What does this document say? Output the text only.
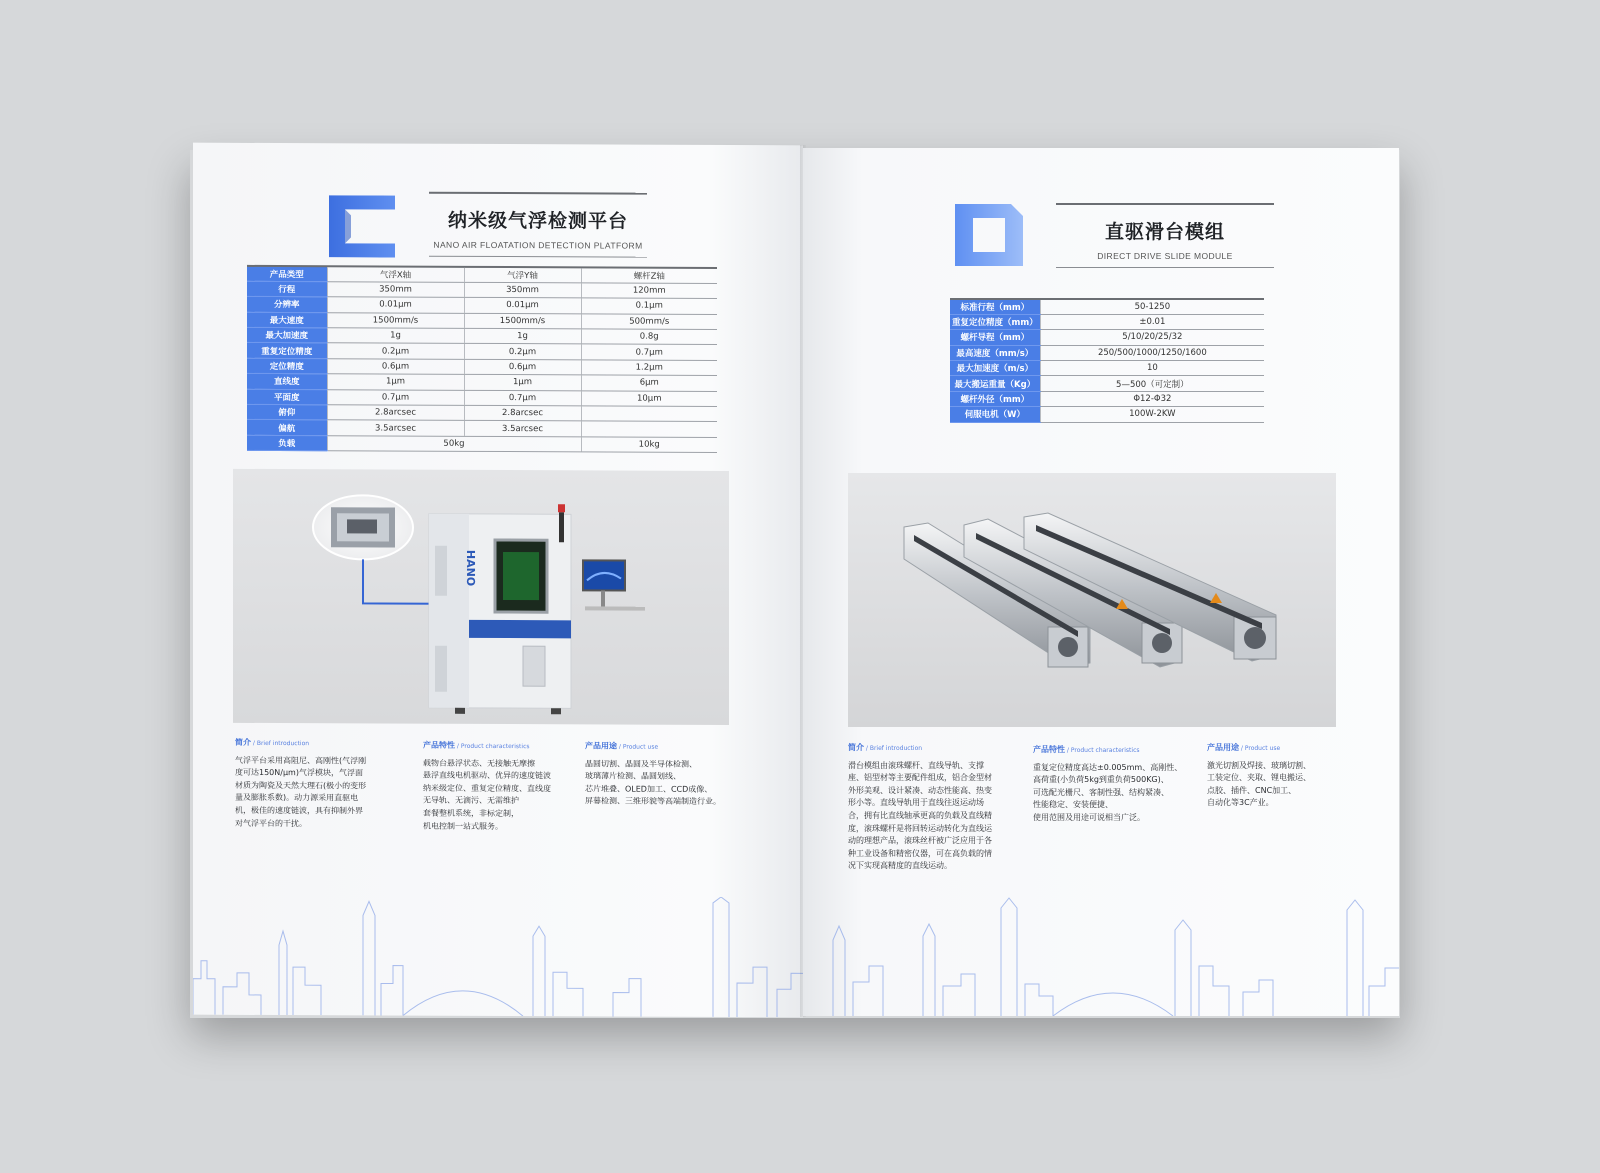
纳米级气浮检测平台
NANO AIR FLOATATION DETECTION PLATFORM
产品类型	气浮X轴	气浮Y轴	螺杆Z轴
行程	350mm	350mm	120mm
分辨率	0.01μm	0.01μm	0.1μm
最大速度	1500mm/s	1500mm/s	500mm/s
最大加速度	1g	1g	0.8g
重复定位精度	0.2μm	0.2μm	0.7μm
定位精度	0.6μm	0.6μm	1.2μm
直线度	1μm	1μm	6μm
平面度	0.7μm	0.7μm	10μm
俯仰	2.8arcsec	2.8arcsec	
偏航	3.5arcsec	3.5arcsec	
负载	50kg		10kg
HANO
简介 / Brief introduction

气浮平台采用高阻尼、高刚性(气浮刚
度可达150N/μm)气浮模块，气浮面
材质为陶瓷及天然大理石(极小的变形
量及膨胀系数)。动力源采用直驱电
机，极佳的速度链波，具有抑制外界
对气浮平台的干扰。

产品特性 / Product characteristics

载物台悬浮状态、无接触无摩擦
悬浮直线电机驱动、优异的速度链波
纳米级定位、重复定位精度、直线度
无导轨、无滴污、无需维护
套餐整机系统，非标定制，
机电控制一站式服务。

产品用途 / Product use

晶圆切割、晶圆及半导体检测、
玻璃薄片检测、晶圆划线、
芯片堆叠、OLED加工、CCD成像、
屏幕检测、三维形貌等高端制造行业。

直驱滑台模组
DIRECT DRIVE SLIDE MODULE
标准行程（mm）	50-1250
重复定位精度（mm）	±0.01
螺杆导程（mm）	5/10/20/25/32
最高速度（mm/s）	250/500/1000/1250/1600
最大加速度（m/s）	10
最大搬运重量（Kg）	5—500（可定制）
螺杆外径（mm）	Φ12-Φ32
伺服电机（W）	100W-2KW
简介 / Brief introduction

滑台模组由滚珠螺杆、直线导轨、支撑
座、铝型材等主要配件组成，铝合金型材
外形美观、设计紧凑、动态性能高、热变
形小等。直线导轨用于直线往返运动场
合，拥有比直线轴承更高的负载及直线精
度，滚珠螺杆是将回转运动转化为直线运
动的理想产品，滚珠丝杆被广泛应用于各
种工业设备和精密仪器，可在高负载的情
况下实现高精度的直线运动。

产品特性 / Product characteristics

重复定位精度高达±0.005mm、高刚性、
高荷重(小负荷5kg到重负荷500KG)、
可选配光栅尺、客制性强、结构紧凑、
性能稳定、安装便捷、
使用范围及用途可说相当广泛。

产品用途 / Product use

激光切割及焊接、玻璃切割、
工装定位、夹取、锂电搬运、
点胶、插件、CNC加工、
自动化等3C产业。
